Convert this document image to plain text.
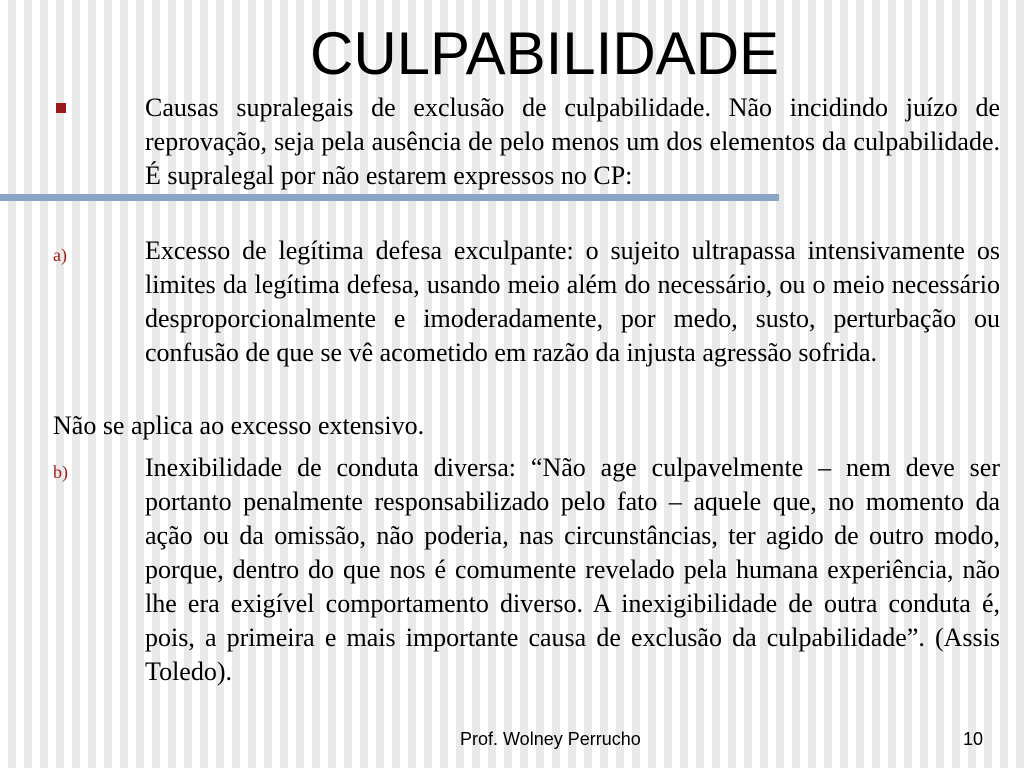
CULPABILIDADE
Causas supralegais de exclusão de culpabilidade. Não incidindo juízo de reprovação, seja pela ausência de pelo menos um dos elementos da culpabilidade. É supralegal por não estarem expressos no CP:
a)	Excesso de legítima defesa exculpante: o sujeito ultrapassa intensivamente os limites da legítima defesa, usando meio além do necessário, ou o meio necessário desproporcionalmente e imoderadamente, por medo, susto, perturbação ou confusão de que se vê acometido em razão da injusta agressão sofrida.
Não se aplica ao excesso extensivo.
b)	Inexibilidade de conduta diversa: “Não age culpavelmente – nem deve ser portanto penalmente responsabilizado pelo fato – aquele que, no momento da ação ou da omissão, não poderia, nas circunstâncias, ter agido de outro modo, porque, dentro do que nos é comumente revelado pela humana experiência, não lhe era exigível comportamento diverso. A inexigibilidade de outra conduta é, pois, a primeira e mais importante causa de exclusão da culpabilidade”. (Assis Toledo).
Prof. Wolney Perrucho	10
